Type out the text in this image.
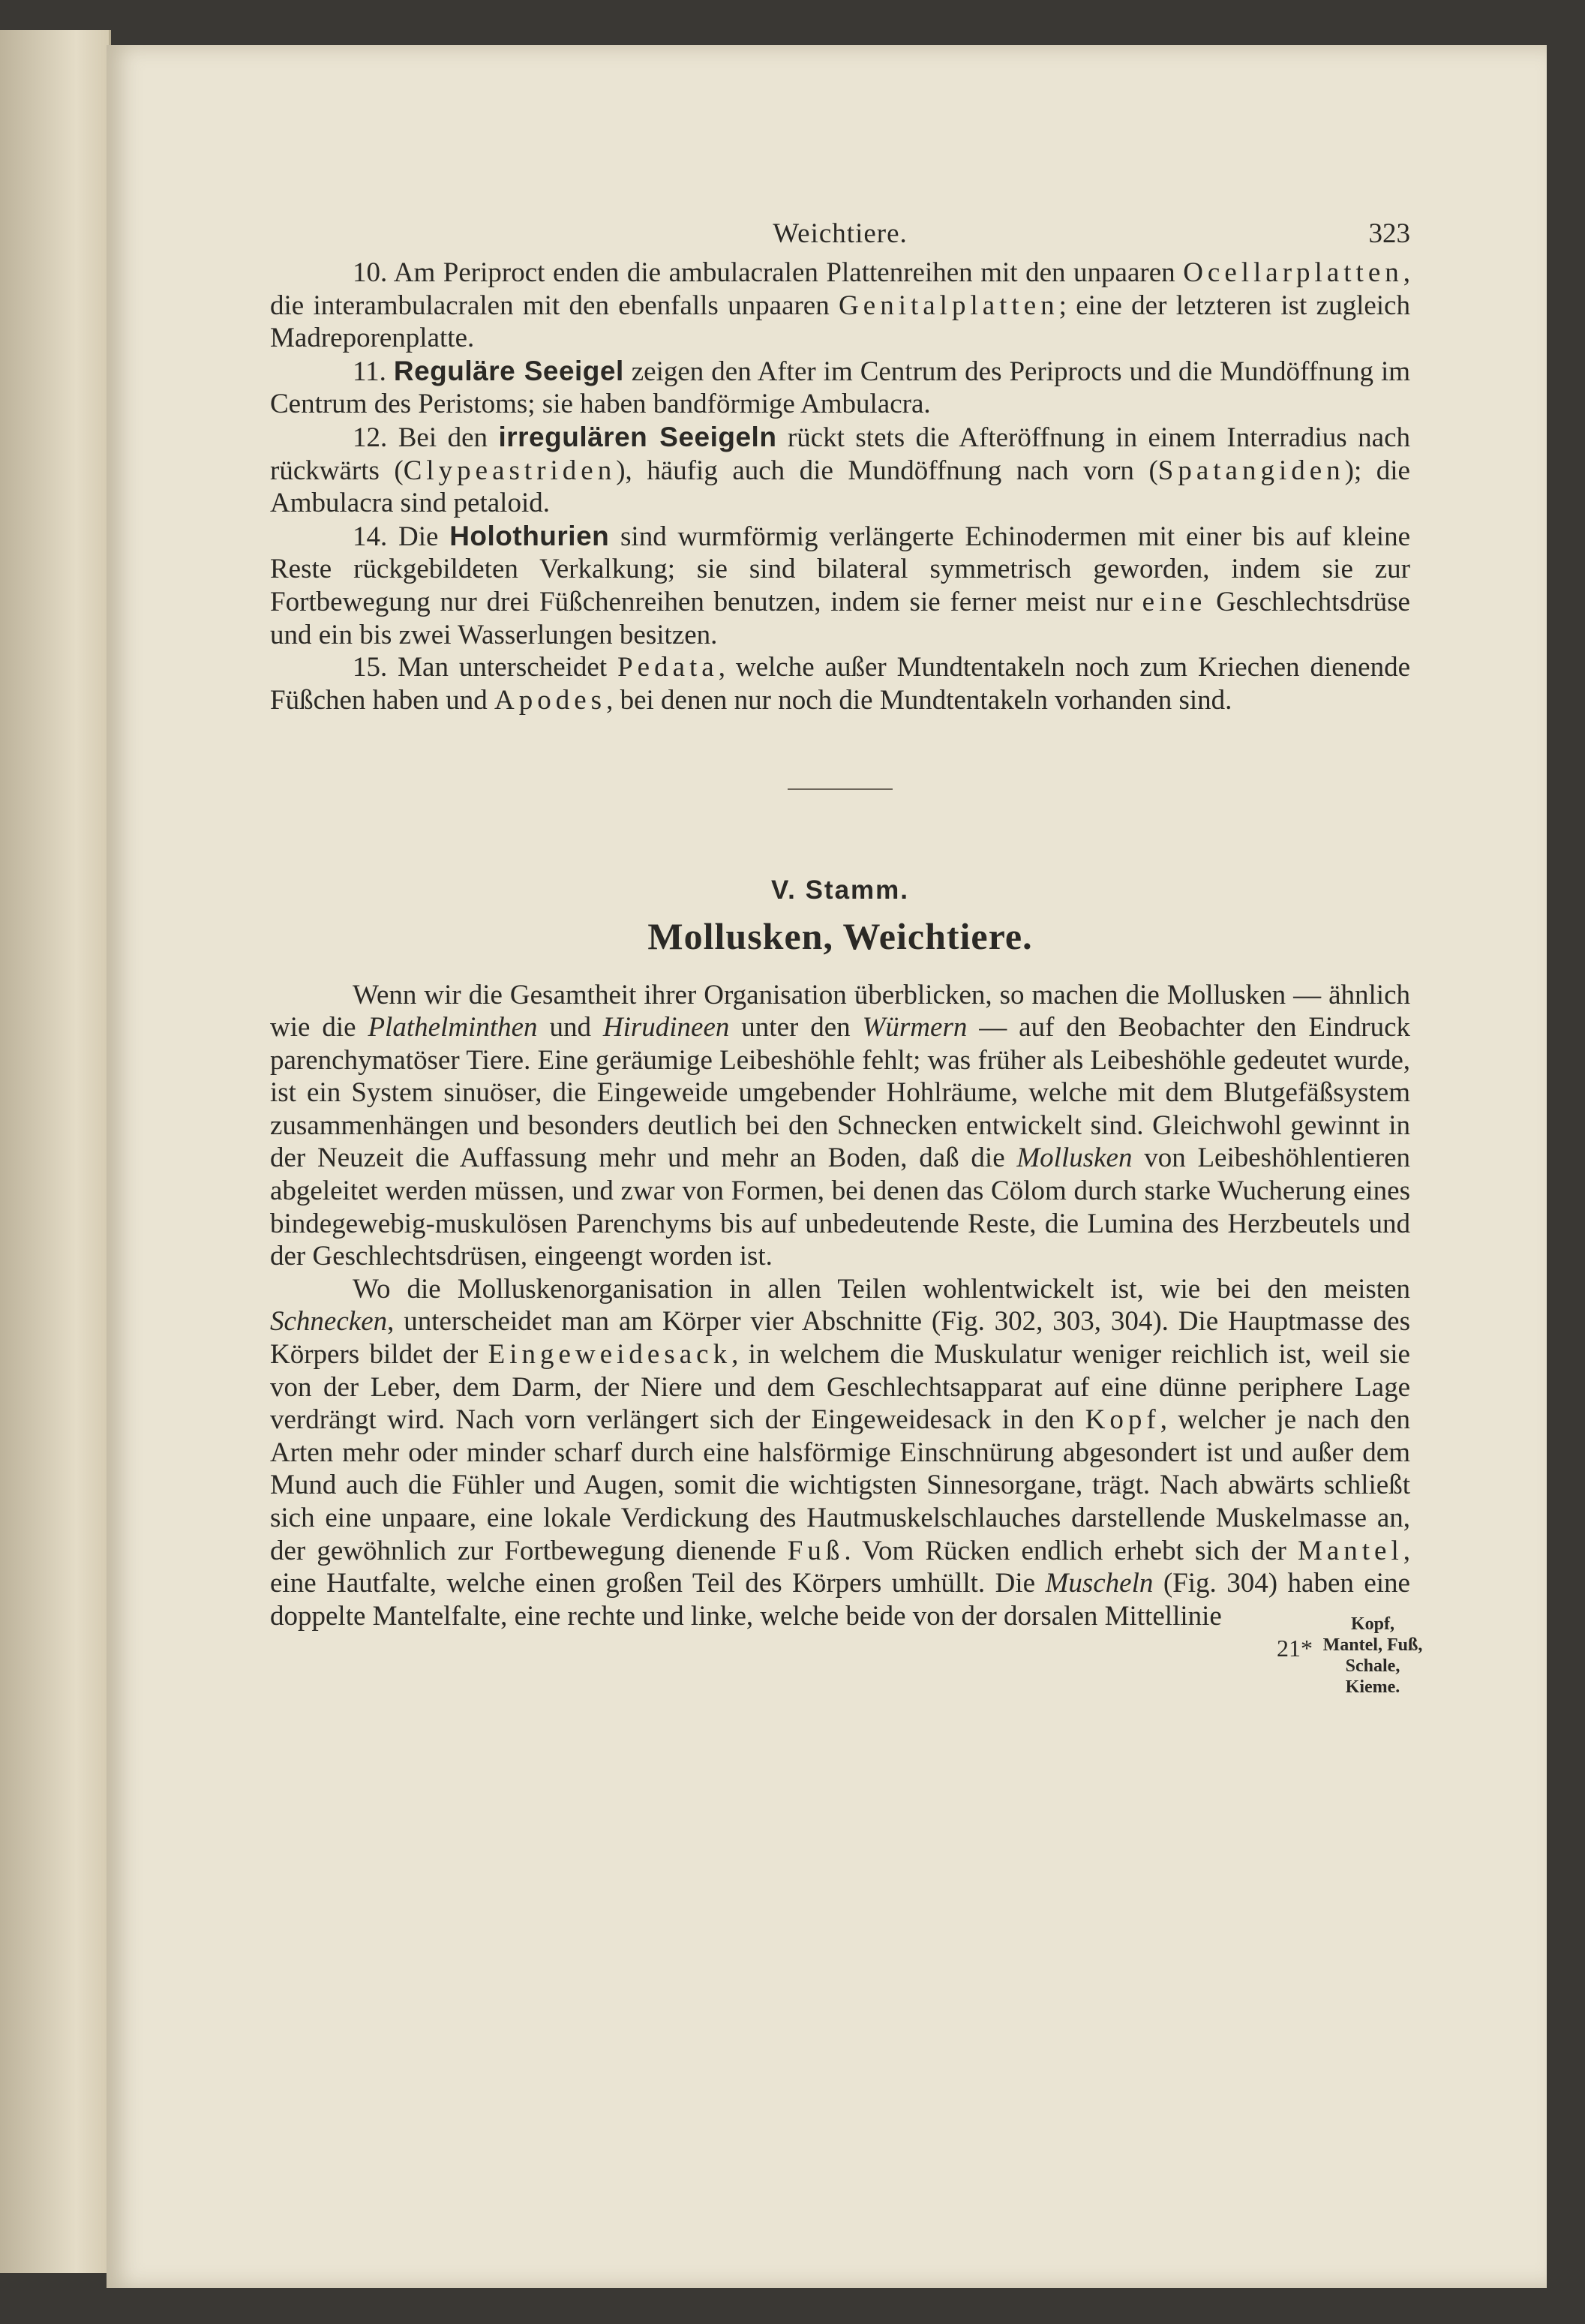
Weichtiere.	323

10. Am Periproct enden die ambulacralen Plattenreihen mit den unpaaren Ocellarplatten, die interambulacralen mit den ebenfalls unpaaren Genitalplatten; eine der letzteren ist zugleich Madreporenplatte.

11. Reguläre Seeigel zeigen den After im Centrum des Periprocts und die Mundöffnung im Centrum des Peristoms; sie haben bandförmige Ambulacra.

12. Bei den irregulären Seeigeln rückt stets die Afteröffnung in einem Interradius nach rückwärts (Clypeastriden), häufig auch die Mundöffnung nach vorn (Spatangiden); die Ambulacra sind petaloid.

14. Die Holothurien sind wurmförmig verlängerte Echinodermen mit einer bis auf kleine Reste rückgebildeten Verkalkung; sie sind bilateral symmetrisch geworden, indem sie zur Fortbewegung nur drei Füßchenreihen benutzen, indem sie ferner meist nur eine Geschlechtsdrüse und ein bis zwei Wasserlungen besitzen.

15. Man unterscheidet Pedata, welche außer Mundtentakeln noch zum Kriechen dienende Füßchen haben und Apodes, bei denen nur noch die Mundtentakeln vorhanden sind.

V. Stamm.

Mollusken, Weichtiere.

Wenn wir die Gesamtheit ihrer Organisation überblicken, so machen die Mollusken — ähnlich wie die Plathelminthen und Hirudineen unter den Würmern — auf den Beobachter den Eindruck parenchymatöser Tiere. Eine geräumige Leibeshöhle fehlt; was früher als Leibeshöhle gedeutet wurde, ist ein System sinuöser, die Eingeweide umgebender Hohlräume, welche mit dem Blutgefäßsystem zusammenhängen und besonders deutlich bei den Schnecken entwickelt sind. Gleichwohl gewinnt in der Neuzeit die Auffassung mehr und mehr an Boden, daß die Mollusken von Leibeshöhlentieren abgeleitet werden müssen, und zwar von Formen, bei denen das Cölom durch starke Wucherung eines bindegewebig-muskulösen Parenchyms bis auf unbedeutende Reste, die Lumina des Herzbeutels und der Geschlechtsdrüsen, eingeengt worden ist.

Wo die Molluskenorganisation in allen Teilen wohlentwickelt ist, wie bei den meisten Schnecken, unterscheidet man am Körper vier Abschnitte (Fig. 302, 303, 304). Die Hauptmasse des Körpers bildet der Eingeweidesack, in welchem die Muskulatur weniger reichlich ist, weil sie von der Leber, dem Darm, der Niere und dem Geschlechtsapparat auf eine dünne periphere Lage verdrängt wird. Nach vorn verlängert sich der Eingeweidesack in den Kopf, welcher je nach den Arten mehr oder minder scharf durch eine halsförmige Einschnürung abgesondert ist und außer dem Mund auch die Fühler und Augen, somit die wichtigsten Sinnesorgane, trägt. Nach abwärts schließt sich eine unpaare, eine lokale Verdickung des Hautmuskelschlauches darstellende Muskelmasse an, der gewöhnlich zur Fortbewegung dienende Fuß. Vom Rücken endlich erhebt sich der Mantel, eine Hautfalte, welche einen großen Teil des Körpers umhüllt. Die Muscheln (Fig. 304) haben eine doppelte Mantelfalte, eine rechte und linke, welche beide von der dorsalen Mittellinie

21*

Kopf,
Mantel, Fuß,
Schale,
Kieme.
